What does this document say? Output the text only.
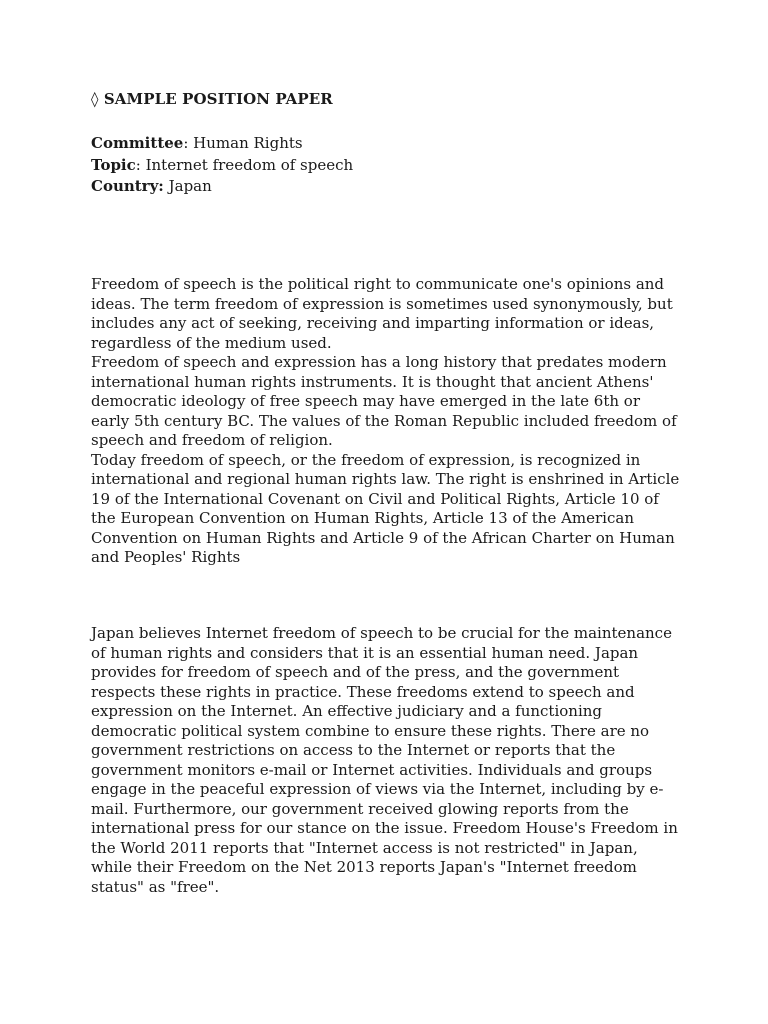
◊ SAMPLE POSITION PAPER
Committee: Human Rights
Topic: Internet freedom of speech
Country: Japan

Freedom of speech is the political right to communicate one's opinions and ideas. The term freedom of expression is sometimes used synonymously, but includes any act of seeking, receiving and imparting information or ideas, regardless of the medium used.

Freedom of speech and expression has a long history that predates modern international human rights instruments. It is thought that ancient Athens' democratic ideology of free speech may have emerged in the late 6th or early 5th century BC. The values of the Roman Republic included freedom of speech and freedom of religion.

Today freedom of speech, or the freedom of expression, is recognized in international and regional human rights law. The right is enshrined in Article 19 of the International Covenant on Civil and Political Rights, Article 10 of the European Convention on Human Rights, Article 13 of the American Convention on Human Rights and Article 9 of the African Charter on Human and Peoples' Rights

Japan believes Internet freedom of speech to be crucial for the maintenance of human rights and considers that it is an essential human need. Japan provides for freedom of speech and of the press, and the government respects these rights in practice. These freedoms extend to speech and expression on the Internet. An effective judiciary and a functioning democratic political system combine to ensure these rights. There are no government restrictions on access to the Internet or reports that the government monitors e-mail or Internet activities. Individuals and groups engage in the peaceful expression of views via the Internet, including by e-mail. Furthermore, our government received glowing reports from the international press for our stance on the issue. Freedom House's Freedom in the World 2011 reports that "Internet access is not restricted" in Japan, while their Freedom on the Net 2013 reports Japan's "Internet freedom status" as "free".
